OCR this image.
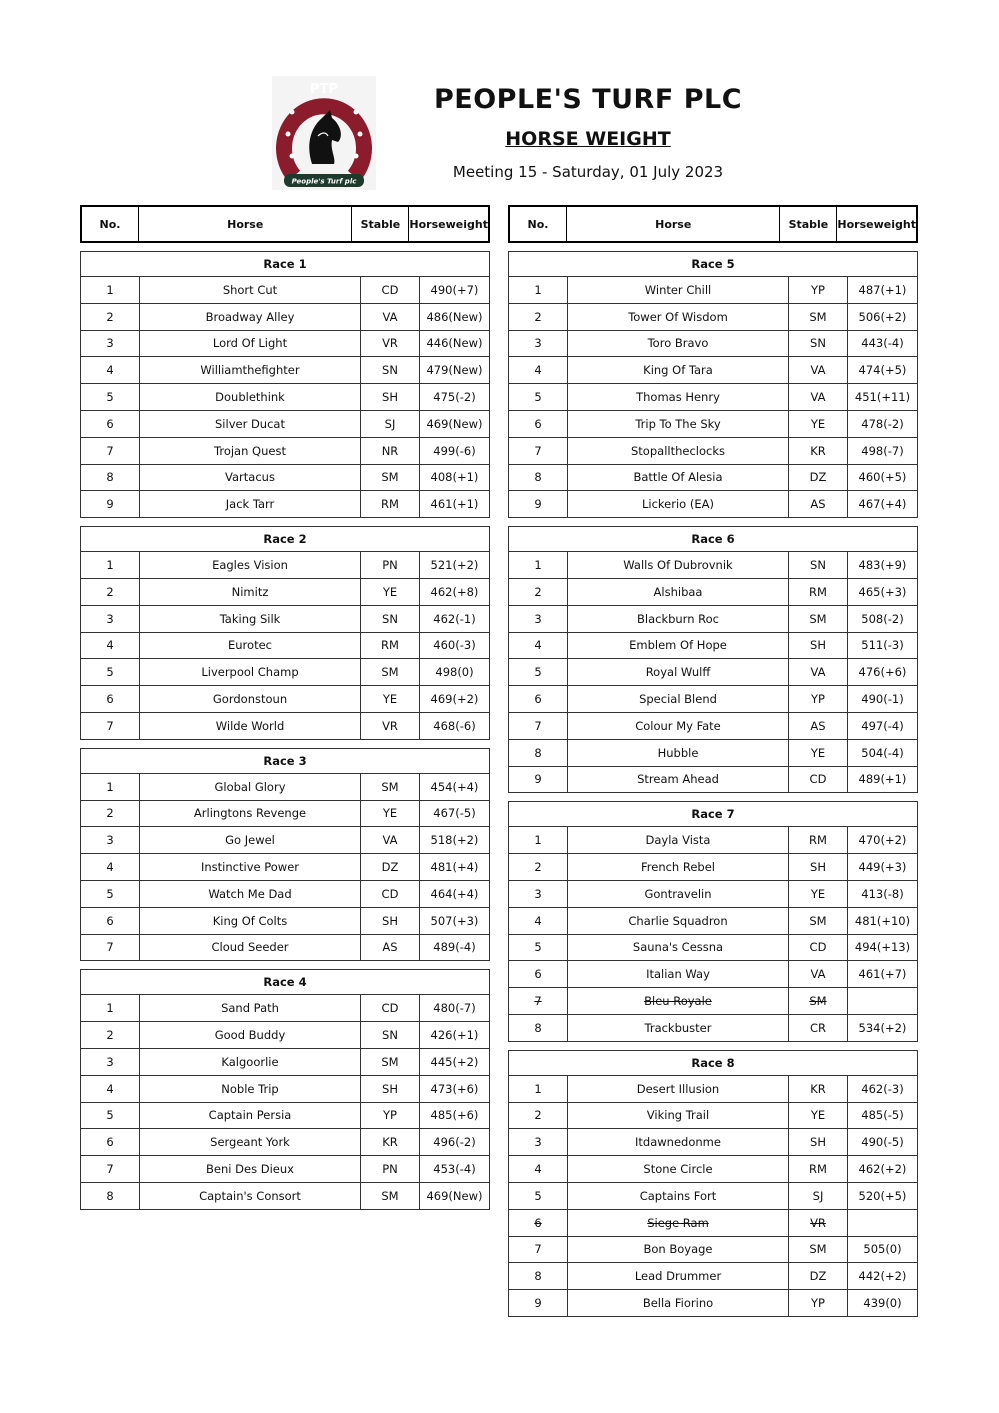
PTP
EST. 2022
People's Turf plc
PEOPLE'S TURF PLC
HORSE WEIGHT
Meeting 15 - Saturday, 01 July 2023
No.	Horse	Stable Horse weight
Race 1
1	Short Cut	CD	490(+7)
2	Broadway Alley	VA	486(New)
3	Lord Of Light	VR	446(New)
4	Williamthefighter	SN	479(New)
5	Doublethink	SH	475(-2)
6	Silver Ducat	SJ	469(New)
7	Trojan Quest	NR	499(-6)
8	Vartacus	SM	408(+1)
9	Jack Tarr	RM	461(+1)
Race 2
1	Eagles Vision	PN	521(+2)
2	Nimitz	YE	462(+8)
3	Taking Silk	SN	462(-1)
4	Eurotec	RM	460(-3)
5	Liverpool Champ	SM	498(0)
6	Gordonstoun	YE	469(+2)
7	Wilde World	VR	468(-6)
Race 3
1	Global Glory	SM	454(+4)
2	Arlingtons Revenge	YE	467(-5)
3	Go Jewel	VA	518(+2)
4	Instinctive Power	DZ	481(+4)
5	Watch Me Dad	CD	464(+4)
6	King Of Colts	SH	507(+3)
7	Cloud Seeder	AS	489(-4)
Race 4
1	Sand Path	CD	480(-7)
2	Good Buddy	SN	426(+1)
3	Kalgoorlie	SM	445(+2)
4	Noble Trip	SH	473(+6)
5	Captain Persia	YP	485(+6)
6	Sergeant York	KR	496(-2)
7	Beni Des Dieux	PN	453(-4)
8	Captain's Consort	SM	469(New)
No.	Horse	Stable Horse weight
Race 5
1	Winter Chill	YP	487(+1)
2	Tower Of Wisdom	SM	506(+2)
3	Toro Bravo	SN	443(-4)
4	King Of Tara	VA	474(+5)
5	Thomas Henry	VA	451(+11)
6	Trip To The Sky	YE	478(-2)
7	Stopalltheclocks	KR	498(-7)
8	Battle Of Alesia	DZ	460(+5)
9	Lickerio (EA)	AS	467(+4)
Race 6
1	Walls Of Dubrovnik	SN	483(+9)
2	Alshibaa	RM	465(+3)
3	Blackburn Roc	SM	508(-2)
4	Emblem Of Hope	SH	511(-3)
5	Royal Wulff	VA	476(+6)
6	Special Blend	YP	490(-1)
7	Colour My Fate	AS	497(-4)
8	Hubble	YE	504(-4)
9	Stream Ahead	CD	489(+1)
Race 7
1	Dayla Vista	RM	470(+2)
2	French Rebel	SH	449(+3)
3	Gontravelin	YE	413(-8)
4	Charlie Squadron	SM	481(+10)
5	Sauna's Cessna	CD	494(+13)
6	Italian Way	VA	461(+7)
7	Bleu Royale	SM
8	Trackbuster	CR	534(+2)
Race 8
1	Desert Illusion	KR	462(-3)
2	Viking Trail	YE	485(-5)
3	Itdawnedonme	SH	490(-5)
4	Stone Circle	RM	462(+2)
5	Captains Fort	SJ	520(+5)
6	Siege Ram	VR
7	Bon Boyage	SM	505(0)
8	Lead Drummer	DZ	442(+2)
9	Bella Fiorino	YP	439(0)
